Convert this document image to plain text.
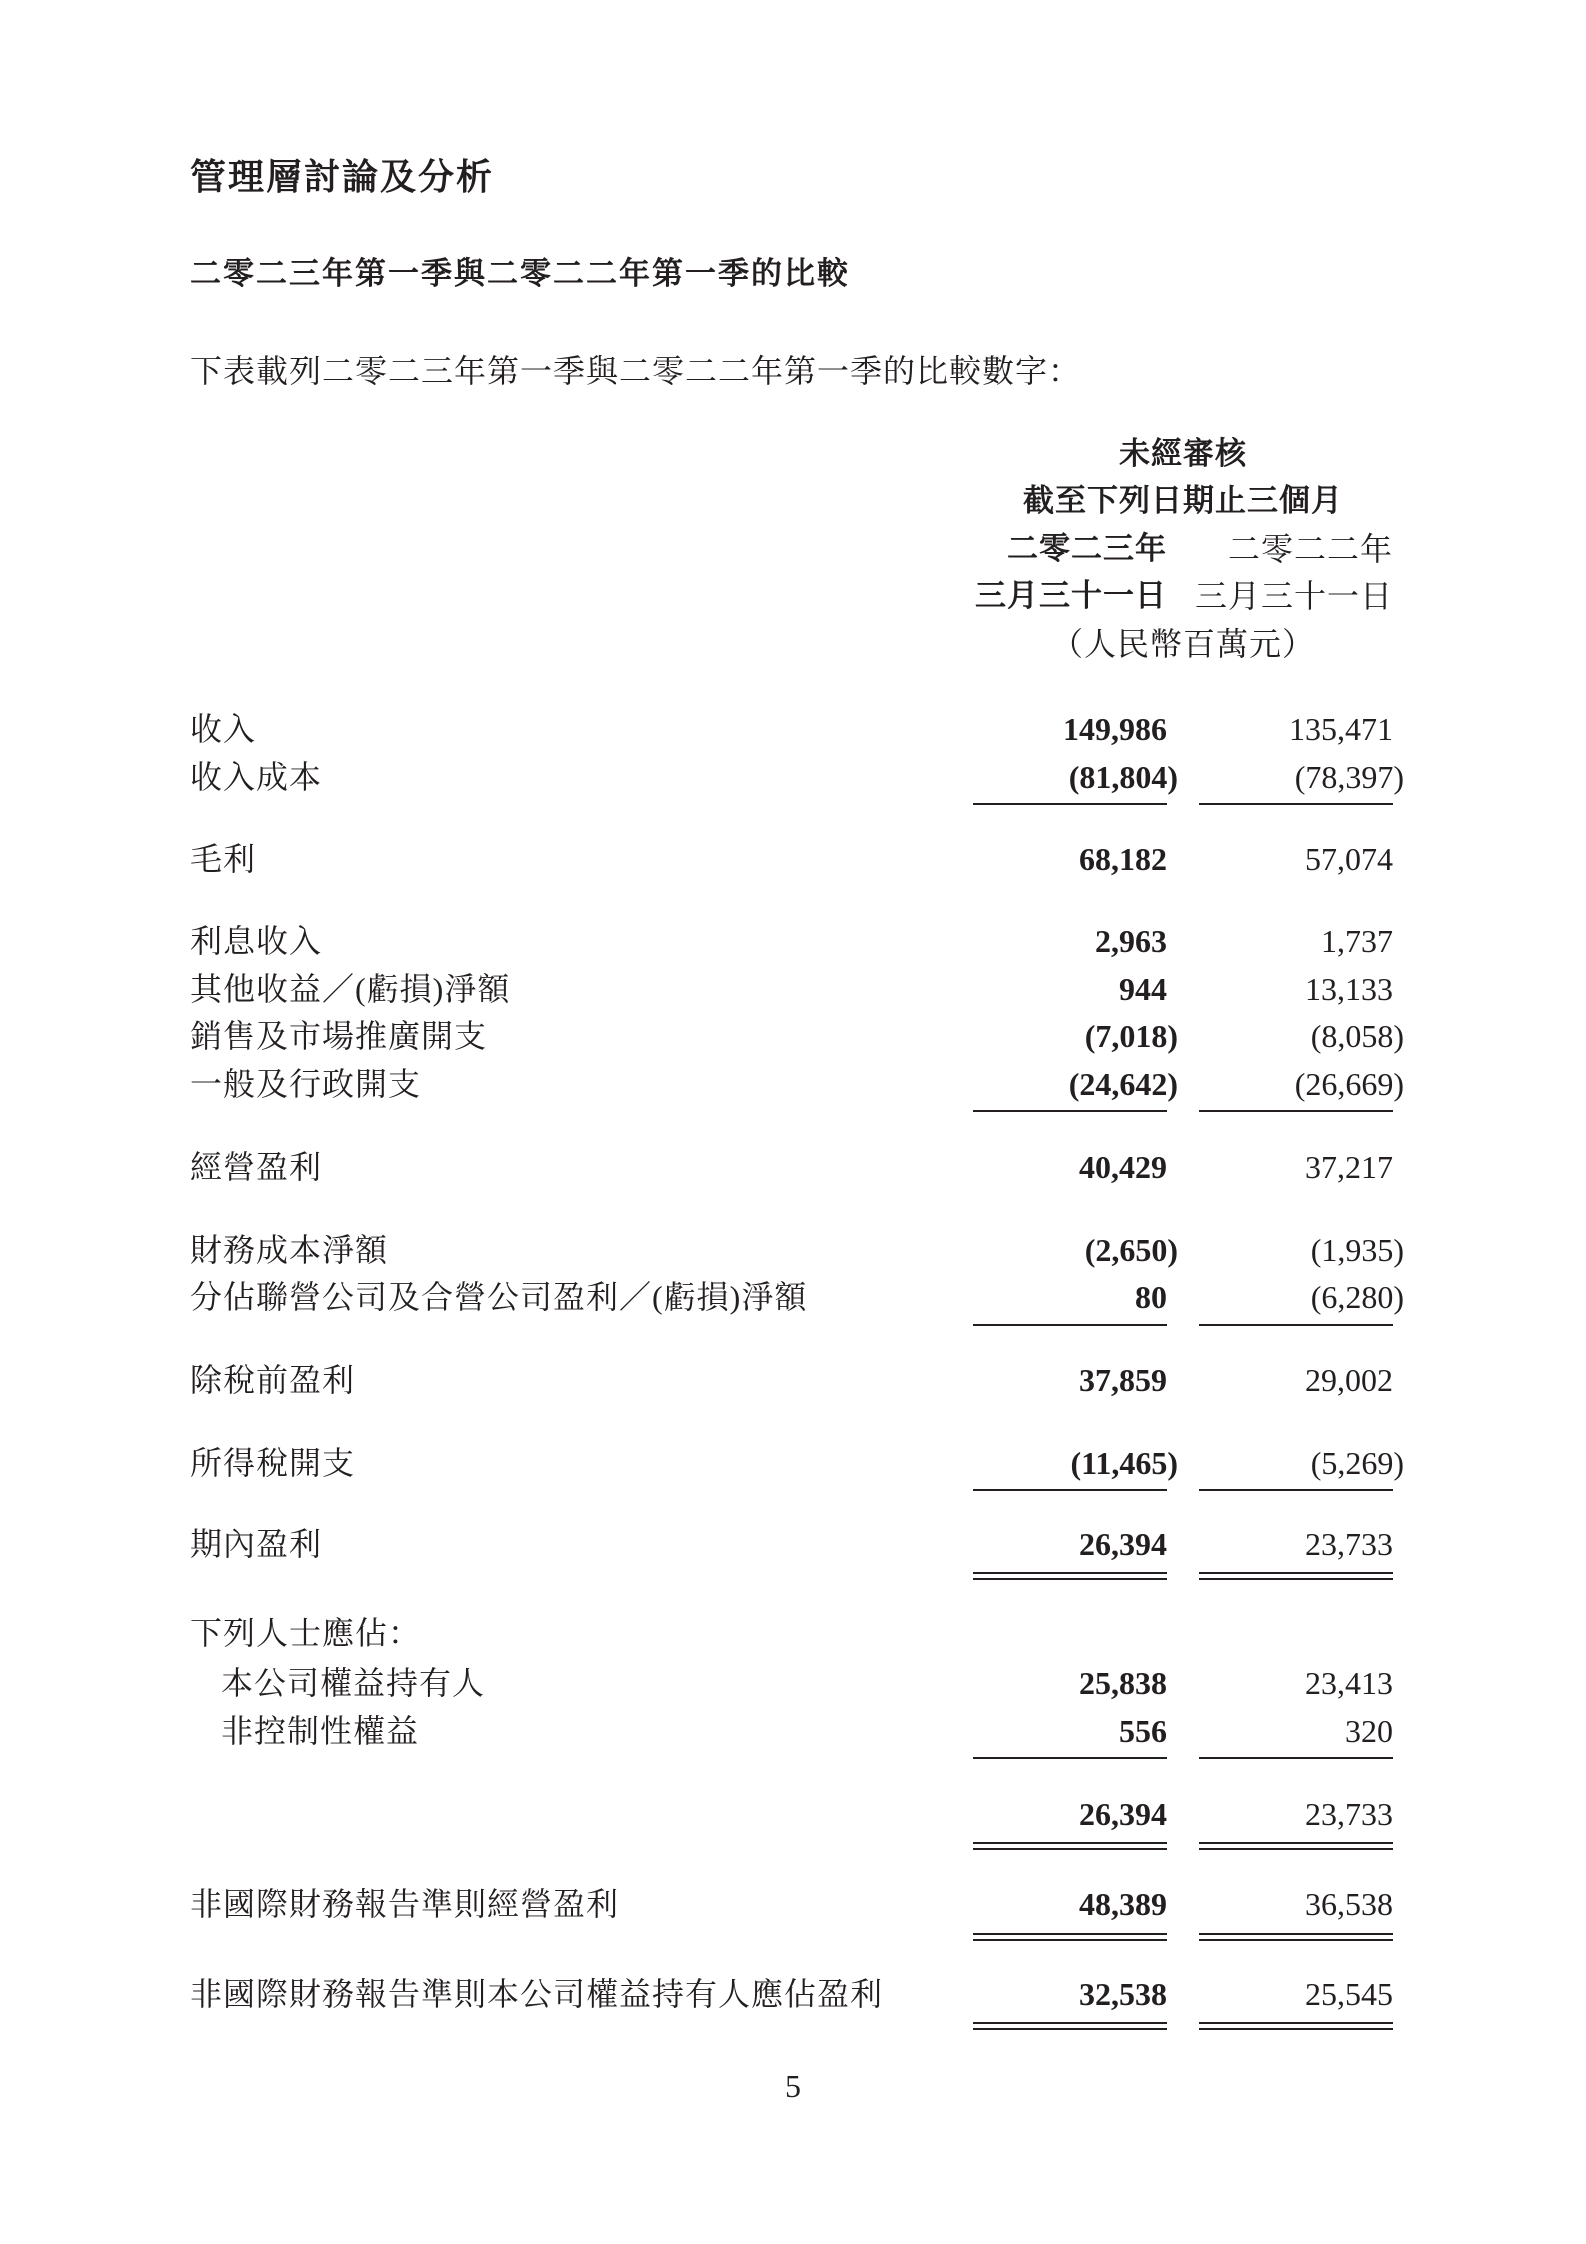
管理層討論及分析
二零二三年第一季與二零二二年第一季的比較
下表載列二零二三年第一季與二零二二年第一季的比較數字：
未經審核
截至下列日期止三個月
二零二三年 二零二二年
三月三十一日 三月三十一日
（人民幣百萬元）
收入	149,986	135,471
收入成本	(81,804)	(78,397)
毛利	68,182	57,074
利息收入	2,963	1,737
其他收益／(虧損)淨額	944	13,133
銷售及市場推廣開支	(7,018)	(8,058)
一般及行政開支	(24,642)	(26,669)
經營盈利	40,429	37,217
財務成本淨額	(2,650)	(1,935)
分佔聯營公司及合營公司盈利／(虧損)淨額	80	(6,280)
除稅前盈利	37,859	29,002
所得稅開支	(11,465)	(5,269)
期內盈利	26,394	23,733
下列人士應佔：
本公司權益持有人	25,838	23,413
非控制性權益	556	320
26,394	23,733
非國際財務報告準則經營盈利	48,389	36,538
非國際財務報告準則本公司權益持有人應佔盈利	32,538	25,545
5
